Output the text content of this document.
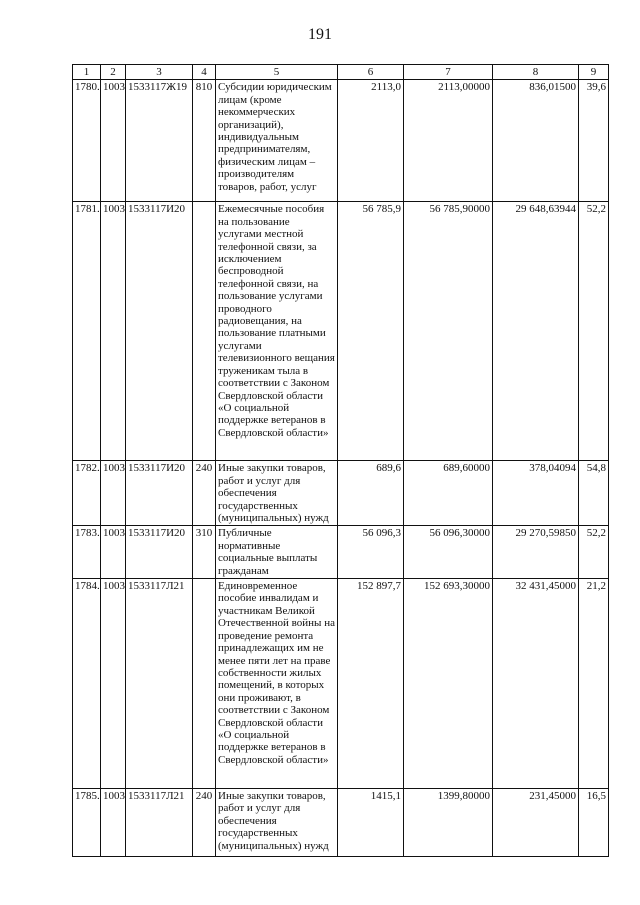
191
1	2	3	4	5	6	7	8	9
1780.	1003	1533117Ж19	810	Субсидии юридическим лицам (кроме некоммерческих организаций), индивидуальным предпринимателям, физическим лицам – производителям товаров, работ, услуг	2113,0	2113,00000	836,01500	39,6
1781.	1003	1533117И20		Ежемесячные пособия на пользование услугами местной телефонной связи, за исключением беспроводной телефонной связи, на пользование услугами проводного радиовещания, на пользование платными услугами телевизионного вещания труженикам тыла в соответствии с Законом Свердловской области «О социальной поддержке ветеранов в Свердловской области»	56 785,9	56 785,90000	29 648,63944	52,2
1782.	1003	1533117И20	240	Иные закупки товаров, работ и услуг для обеспечения государственных (муниципальных) нужд	689,6	689,60000	378,04094	54,8
1783.	1003	1533117И20	310	Публичные нормативные социальные выплаты гражданам	56 096,3	56 096,30000	29 270,59850	52,2
1784.	1003	1533117Л21		Единовременное пособие инвалидам и участникам Великой Отечественной войны на проведение ремонта принадлежащих им не менее пяти лет на праве собственности жилых помещений, в которых они проживают, в соответствии с Законом Свердловской области «О социальной поддержке ветеранов в Свердловской области»	152 897,7	152 693,30000	32 431,45000	21,2
1785.	1003	1533117Л21	240	Иные закупки товаров, работ и услуг для обеспечения государственных (муниципальных) нужд	1415,1	1399,80000	231,45000	16,5
